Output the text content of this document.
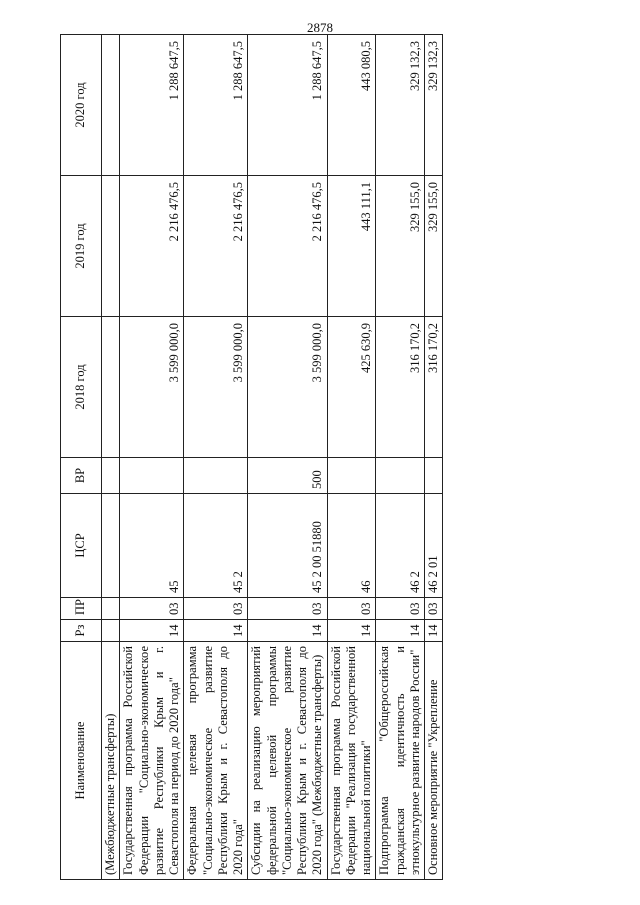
2878
Наименование	Рз	ПР	ЦСР	ВР	2018 год	2019 год	2020 год
(Межбюджетные трансферты)							
Государственная программа Российской Федерации "Социально-экономическое развитие Республики Крым и г. Севастополя на период до 2020 года"	14	03	45		3 599 000,0	2 216 476,5	1 288 647,5
Федеральная целевая программа "Социально-экономическое развитие Республики Крым и г. Севастополя до 2020 года"	14	03	45 2		3 599 000,0	2 216 476,5	1 288 647,5
Субсидии на реализацию мероприятий федеральной целевой программы "Социально-экономическое развитие Республики Крым и г. Севастополя до 2020 года" (Межбюджетные трансферты)	14	03	45 2 00 51880	500	3 599 000,0	2 216 476,5	1 288 647,5
Государственная программа Российской Федерации "Реализация государственной национальной политики"	14	03	46		425 630,9	443 111,1	443 080,5
Подпрограмма "Общероссийская гражданская идентичность и этнокультурное развитие народов России"	14	03	46 2		316 170,2	329 155,0	329 132,3
Основное мероприятие "Укрепление	14	03	46 2 01		316 170,2	329 155,0	329 132,3
